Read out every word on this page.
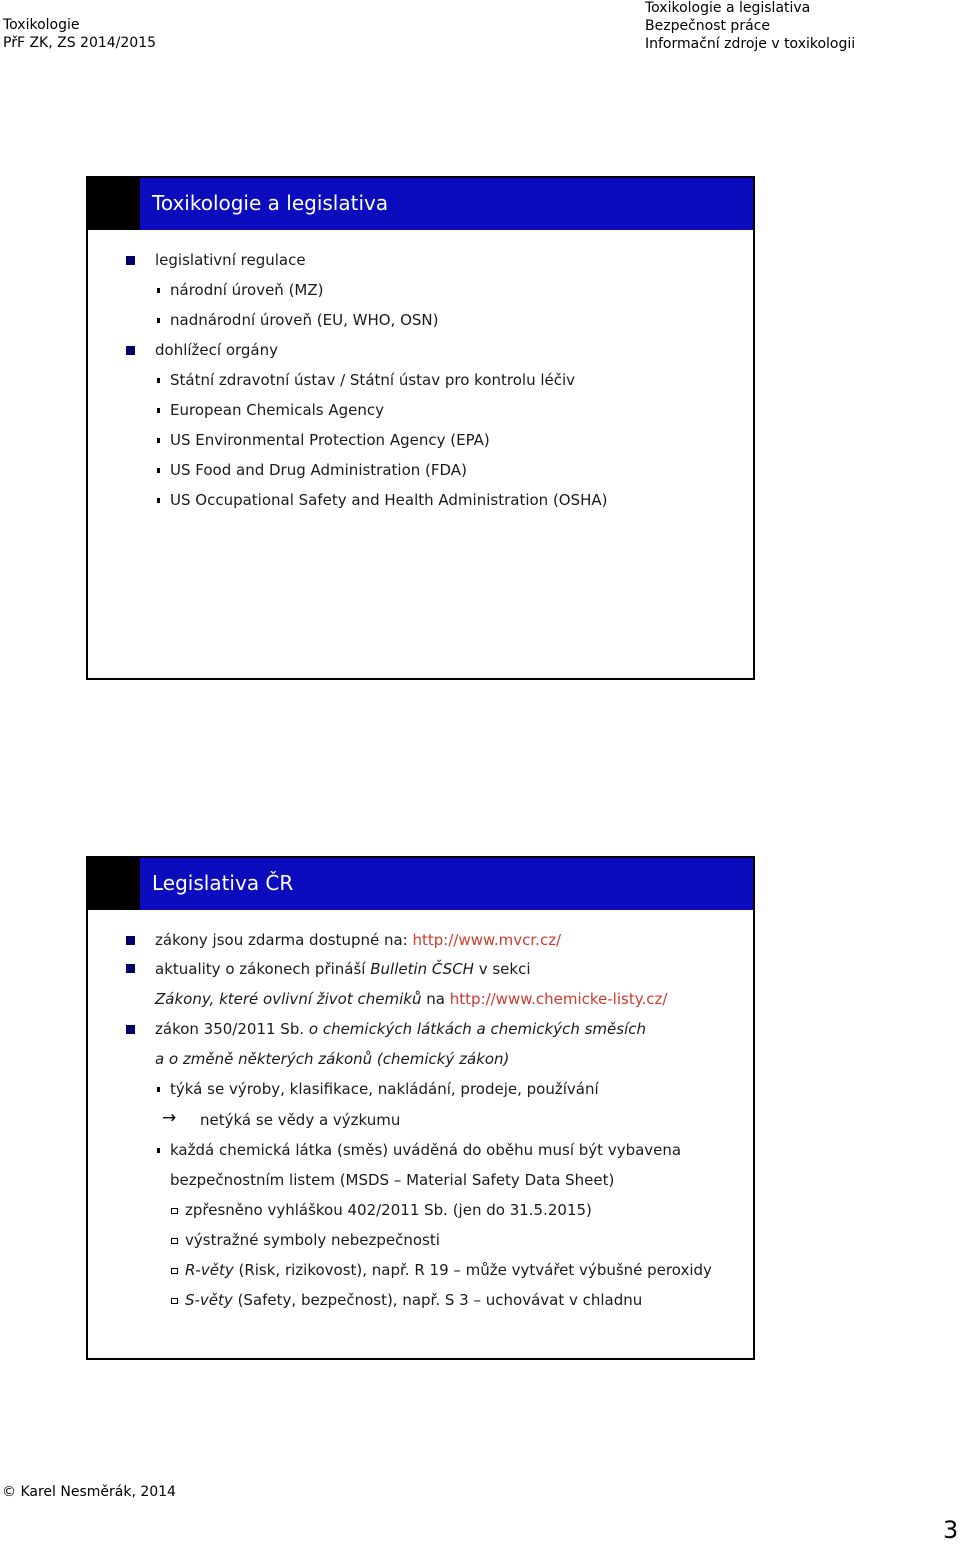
Toxikologie
PřF ZK, ZS 2014/2015
Toxikologie a legislativa
Bezpečnost práce
Informační zdroje v toxikologii
Toxikologie a legislativa
legislativní regulace
národní úroveň (MZ)
nadnárodní úroveň (EU, WHO, OSN)
dohlížecí orgány
Státní zdravotní ústav / Státní ústav pro kontrolu léčiv
European Chemicals Agency
US Environmental Protection Agency (EPA)
US Food and Drug Administration (FDA)
US Occupational Safety and Health Administration (OSHA)
Legislativa ČR
zákony jsou zdarma dostupné na: http://www.mvcr.cz/
aktuality o zákonech přináší Bulletin ČSCH v sekci
Zákony, které ovlivní život chemiků na http://www.chemicke-listy.cz/
zákon 350/2011 Sb. o chemických látkách a chemických směsích
a o změně některých zákonů (chemický zákon)
týká se výroby, klasifikace, nakládání, prodeje, používání
→ netýká se vědy a výzkumu
každá chemická látka (směs) uváděná do oběhu musí být vybavena
bezpečnostním listem (MSDS – Material Safety Data Sheet)
zpřesněno vyhláškou 402/2011 Sb. (jen do 31.5.2015)
výstražné symboly nebezpečnosti
R-věty (Risk, rizikovost), např. R 19 – může vytvářet výbušné peroxidy
S-věty (Safety, bezpečnost), např. S 3 – uchovávat v chladnu
© Karel Nesměrák, 2014
3
